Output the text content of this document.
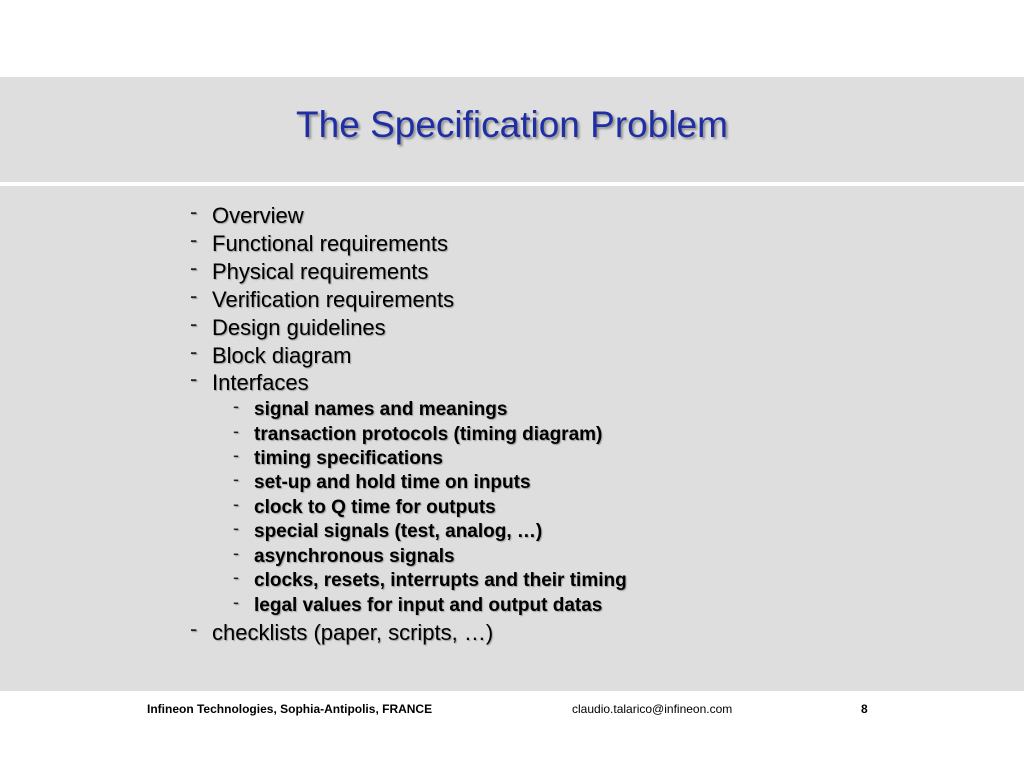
The Specification Problem
- Overview
- Functional requirements
- Physical requirements
- Verification requirements
- Design guidelines
- Block diagram
- Interfaces
- signal names and meanings
- transaction protocols (timing diagram)
- timing specifications
- set-up and hold time on inputs
- clock to Q time for outputs
- special signals (test, analog, …)
- asynchronous signals
- clocks, resets, interrupts and their timing
- legal values for input and output datas
- checklists (paper, scripts, …)
Infineon Technologies, Sophia-Antipolis, FRANCE	claudio.talarico@infineon.com	8
